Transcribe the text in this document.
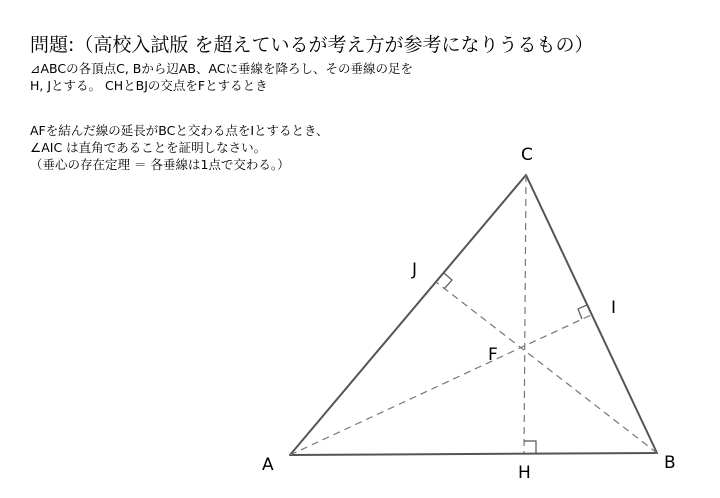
問題:（高校入試版 を超えているが考え方が参考になりうるもの）
⊿ABCの各頂点C, Bから辺AB、ACに垂線を降ろし、その垂線の足を
H, Jとする。 CHとBJの交点をFとするとき
AFを結んだ線の延長がBCと交わる点をIとするとき、
∠AIC は直角であることを証明しなさい。
（垂心の存在定理 ＝ 各垂線は1点で交わる。）	C
A	B
H
J
I
F
